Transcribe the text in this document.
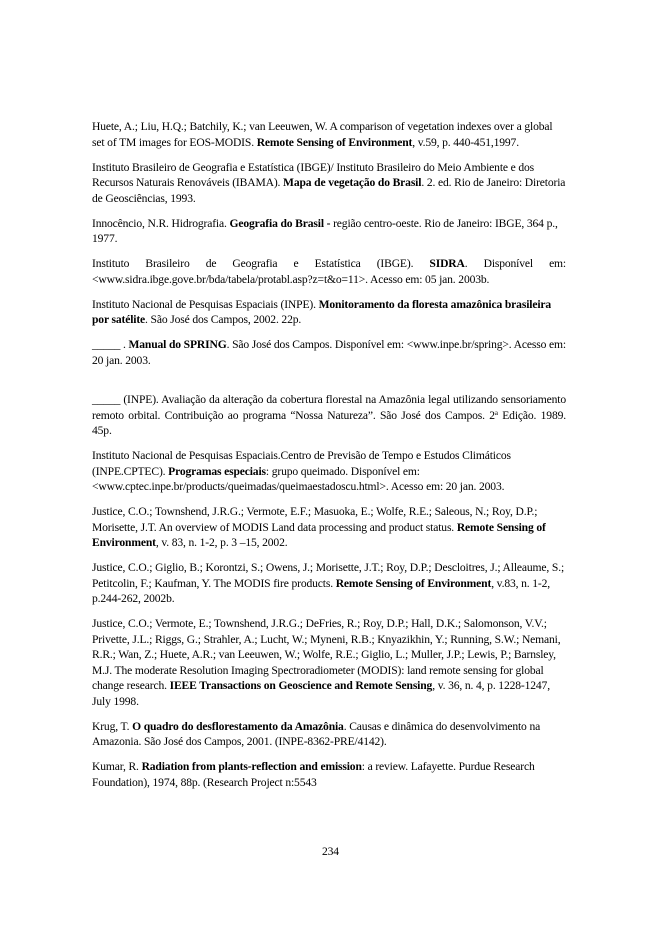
Huete, A.; Liu, H.Q.; Batchily, K.; van Leeuwen, W. A comparison of vegetation indexes over a global set of TM images for EOS-MODIS. Remote Sensing of Environment, v.59, p. 440-451,1997.

Instituto Brasileiro de Geografia e Estatística (IBGE)/ Instituto Brasileiro do Meio Ambiente e dos Recursos Naturais Renováveis (IBAMA). Mapa de vegetação do Brasil. 2. ed. Rio de Janeiro: Diretoria de Geosciências, 1993.

Innocêncio, N.R. Hidrografia. Geografia do Brasil - região centro-oeste. Rio de Janeiro: IBGE, 364 p., 1977.

Instituto Brasileiro de Geografia e Estatística (IBGE). SIDRA. Disponível em: <www.sidra.ibge.gove.br/bda/tabela/protabl.asp?z=t&o=11>. Acesso em: 05 jan. 2003b.

Instituto Nacional de Pesquisas Espaciais (INPE). Monitoramento da floresta amazônica brasileira por satélite. São José dos Campos, 2002. 22p.

_____ . Manual do SPRING. São José dos Campos. Disponível em: <www.inpe.br/spring>. Acesso em: 20 jan. 2003.

_____ (INPE). Avaliação da alteração da cobertura florestal na Amazônia legal utilizando sensoriamento remoto orbital. Contribuição ao programa “Nossa Natureza”. São José dos Campos. 2$^a$ Edição. 1989. 45p.

Instituto Nacional de Pesquisas Espaciais.Centro de Previsão de Tempo e Estudos Climáticos (INPE.CPTEC). Programas especiais: grupo queimado. Disponível em: <www.cptec.inpe.br/products/queimadas/queimaestadoscu.html>. Acesso em: 20 jan. 2003.

Justice, C.O.; Townshend, J.R.G.; Vermote, E.F.; Masuoka, E.; Wolfe, R.E.; Saleous, N.; Roy, D.P.; Morisette, J.T. An overview of MODIS Land data processing and product status. Remote Sensing of Environment, v. 83, n. 1-2, p. 3 –15, 2002.

Justice, C.O.; Giglio, B.; Korontzi, S.; Owens, J.; Morisette, J.T.; Roy, D.P.; Descloitres, J.; Alleaume, S.; Petitcolin, F.; Kaufman, Y. The MODIS fire products. Remote Sensing of Environment, v.83, n. 1-2, p.244-262, 2002b.

Justice, C.O.; Vermote, E.; Townshend, J.R.G.; DeFries, R.; Roy, D.P.; Hall, D.K.; Salomonson, V.V.; Privette, J.L.; Riggs, G.; Strahler, A.; Lucht, W.; Myneni, R.B.; Knyazikhin, Y.; Running, S.W.; Nemani, R.R.; Wan, Z.; Huete, A.R.; van Leeuwen, W.; Wolfe, R.E.; Giglio, L.; Muller, J.P.; Lewis, P.; Barnsley, M.J. The moderate Resolution Imaging Spectroradiometer (MODIS): land remote sensing for global change research. IEEE Transactions on Geoscience and Remote Sensing, v. 36, n. 4, p. 1228-1247, July 1998.

Krug, T. O quadro do desflorestamento da Amazônia. Causas e dinâmica do desenvolvimento na Amazonia. São José dos Campos, 2001. (INPE-8362-PRE/4142).

Kumar, R. Radiation from plants-reflection and emission: a review. Lafayette. Purdue Research Foundation), 1974, 88p. (Research Project n:5543

234
